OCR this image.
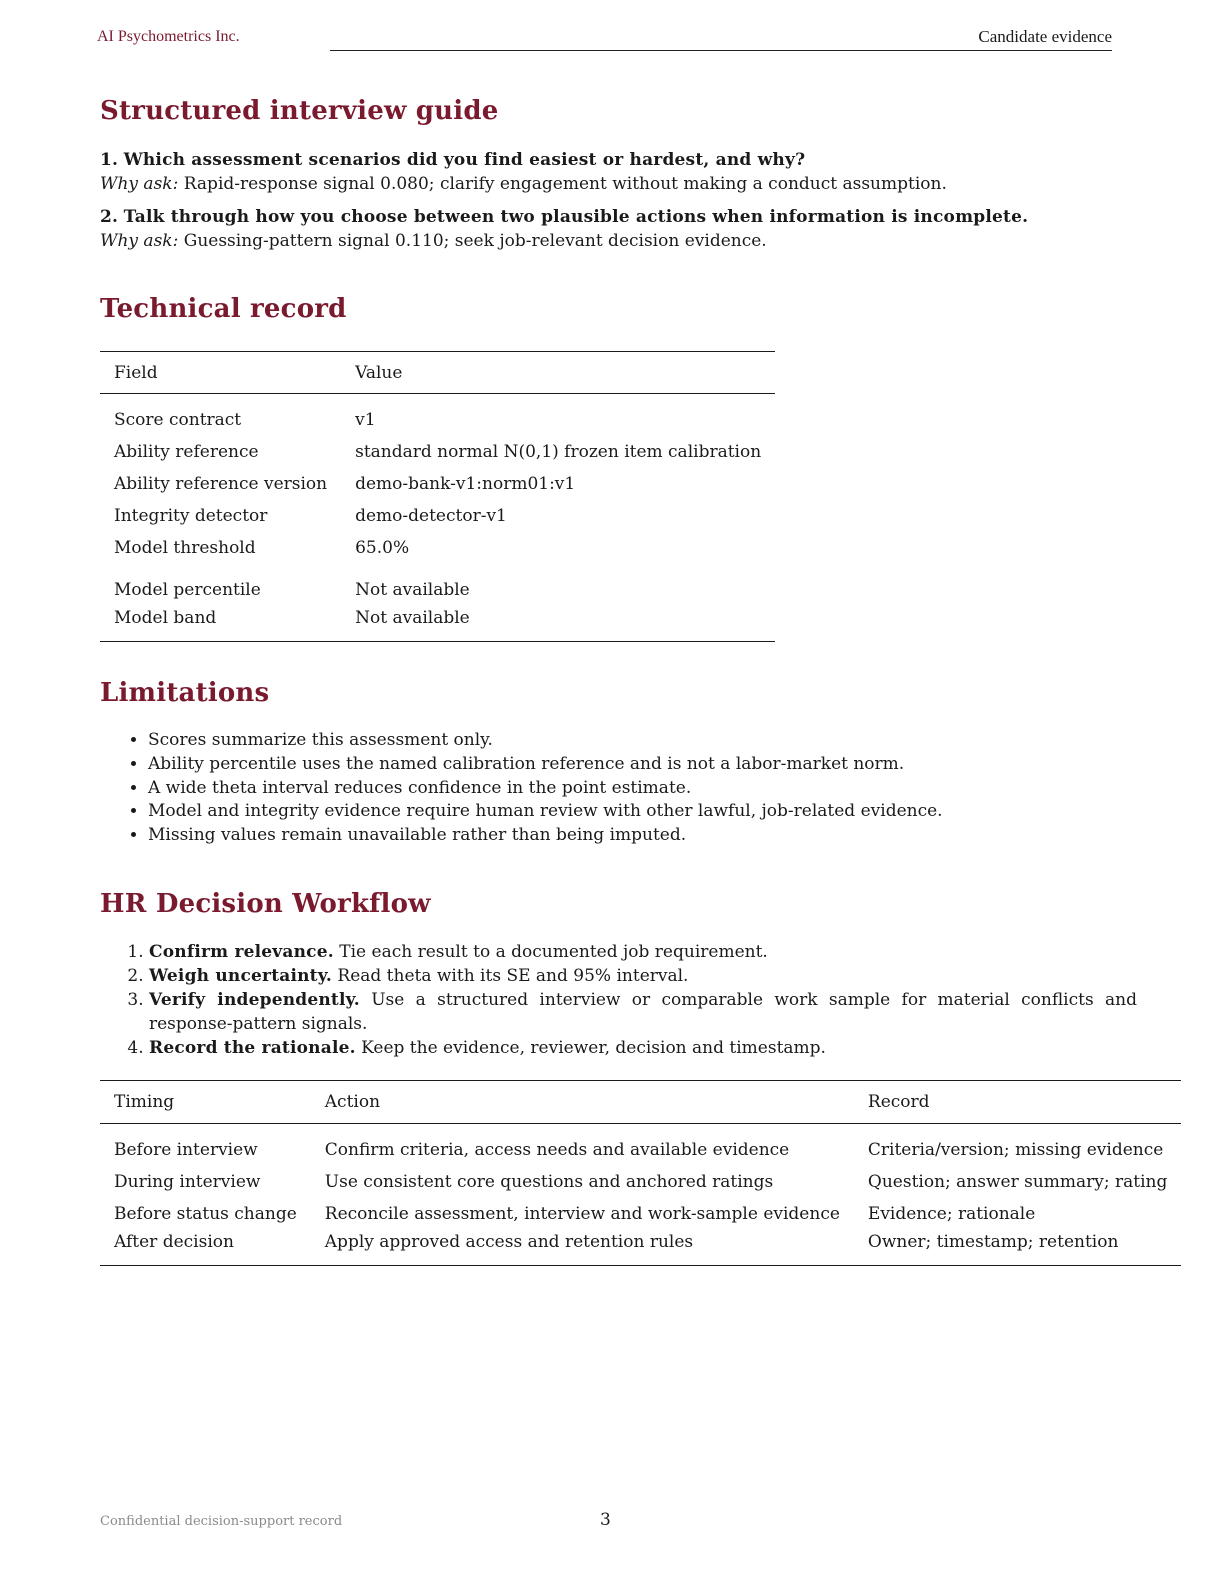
AI Psychometrics Inc.	Candidate evidence
Structured interview guide
1. Which assessment scenarios did you find easiest or hardest, and why?
Why ask: Rapid-response signal 0.080; clarify engagement without making a conduct assumption.
2. Talk through how you choose between two plausible actions when information is incomplete.
Why ask: Guessing-pattern signal 0.110; seek job-relevant decision evidence.
Technical record
Field	Value
Score contract	v1
Ability reference	standard normal N(0,1) frozen item calibration
Ability reference version	demo-bank-v1:norm01:v1
Integrity detector	demo-detector-v1
Model threshold	65.0%
Model percentile	Not available
Model band	Not available
Limitations
• Scores summarize this assessment only.
• Ability percentile uses the named calibration reference and is not a labor-market norm.
• A wide theta interval reduces confidence in the point estimate.
• Model and integrity evidence require human review with other lawful, job-related evidence.
• Missing values remain unavailable rather than being imputed.
HR Decision Workflow
1. Confirm relevance. Tie each result to a documented job requirement.
2. Weigh uncertainty. Read theta with its SE and 95% interval.
3. Verify independently. Use a structured interview or comparable work sample for material conflicts and response-pattern signals.
4. Record the rationale. Keep the evidence, reviewer, decision and timestamp.
Timing	Action	Record
Before interview	Confirm criteria, access needs and available evidence	Criteria/version; missing evidence
During interview	Use consistent core questions and anchored ratings	Question; answer summary; rating
Before status change	Reconcile assessment, interview and work-sample evidence	Evidence; rationale
After decision	Apply approved access and retention rules	Owner; timestamp; retention
Confidential decision-support record	3
